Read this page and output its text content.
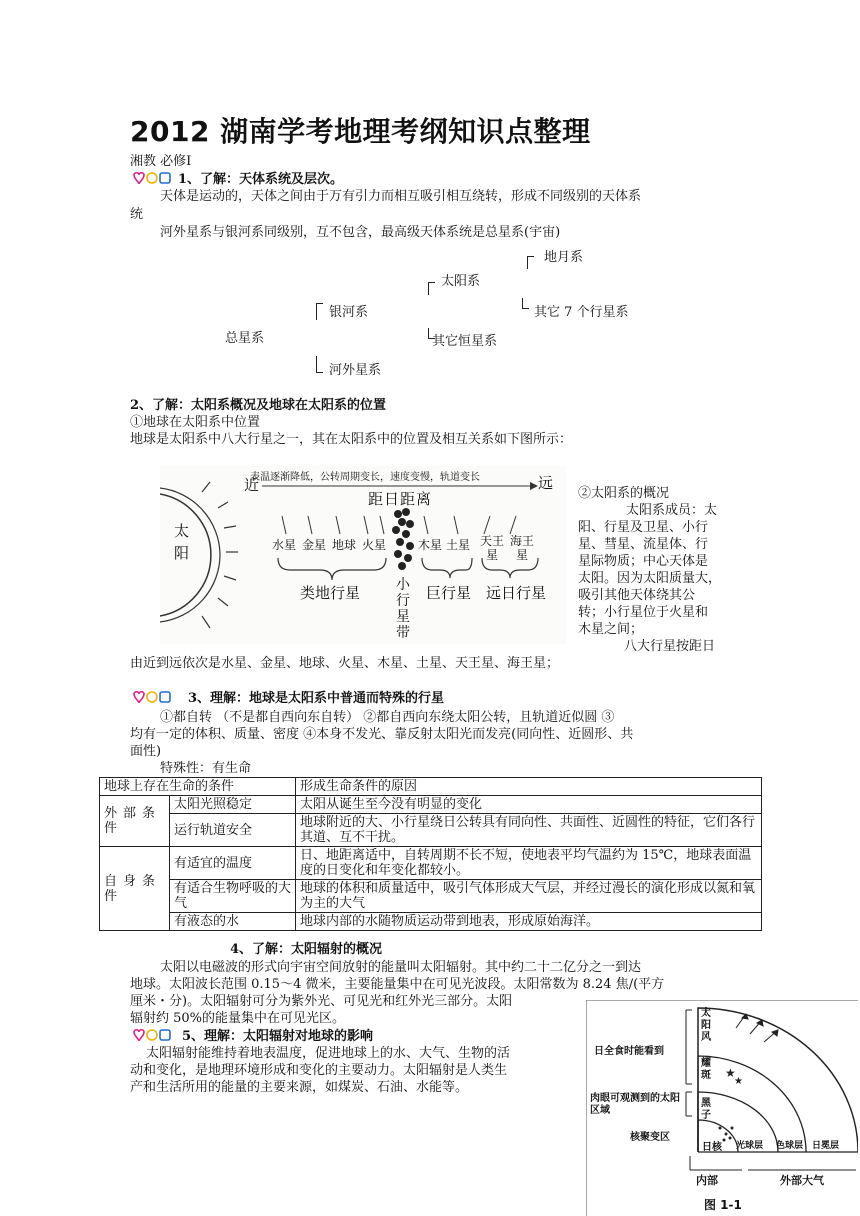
2012 湖南学考地理考纲知识点整理
湘教 必修Ⅰ
1、了解：天体系统及层次。
天体是运动的，天体之间由于万有引力而相互吸引相互绕转，形成不同级别的天体系
统
河外星系与银河系同级别，互不包含，最高级天体系统是总星系(宇宙)
总星系
银河系
河外星系
太阳系
其它恒星系
地月系
其它 7 个行星系
2、了解：太阳系概况及地球在太阳系的位置
①地球在太阳系中位置
地球是太阳系中八大行星之一，其在太阳系中的位置及相互关系如下图所示：
表温逐渐降低，公转周期变长，速度变慢，轨道变长
近	远
距日距离
太
阳	水星 金星 地球 火星	木星 土星 天王 海王
星 星
类地行星	巨行星 远日行星
小
行
星
带
②太阳系的概况
太阳系成员：太
阳、行星及卫星、小行
星、彗星、流星体、行
星际物质；中心天体是
太阳。因为太阳质量大，
吸引其他天体绕其公
转；小行星位于火星和
木星之间；
八大行星按距日
由近到远依次是水星、金星、地球、火星、木星、土星、天王星、海王星；
3、理解：地球是太阳系中普通而特殊的行星
①都自转 （不是都自西向东自转） ②都自西向东绕太阳公转，且轨道近似圆 ③
均有一定的体积、质量、密度 ④本身不发光、靠反射太阳光而发亮(同向性、近圆形、共
面性)
特殊性：有生命
地球上存在生命的条件		形成生命条件的原因
外部条件	太阳光照稳定	太阳从诞生至今没有明显的变化
	运行轨道安全	地球附近的大、小行星绕日公转具有同向性、共面性、近圆性的特征，它们各行其道、互不干扰。
自身条件	有适宜的温度	日、地距离适中，自转周期不长不短，使地表平均气温约为 15℃，地球表面温度的日变化和年变化都较小。
	有适合生物呼吸的大气	地球的体积和质量适中，吸引气体形成大气层，并经过漫长的演化形成以氮和氧为主的大气
	有液态的水	地球内部的水随物质运动带到地表，形成原始海洋。
4、了解：太阳辐射的概况
太阳以电磁波的形式向宇宙空间放射的能量叫太阳辐射。其中约二十二亿分之一到达
地球。太阳波长范围 0.15～4 微米，主要能量集中在可见光波段。太阳常数为 8.24 焦/(平方
厘米・分)。太阳辐射可分为紫外光、可见光和红外光三部分。太阳
辐射约 50%的能量集中在可见光区。
5、理解：太阳辐射对地球的影响
太阳辐射能维持着地表温度，促进地球上的水、大气、生物的活
动和变化，是地理环境形成和变化的主要动力。太阳辐射是人类生
产和生活所用的能量的主要来源，如煤炭、石油、水能等。
★
★
日全食时能看到
肉眼可观测到的太阳区域
核聚变区
太
阳
风
耀
斑
黑
子
日核 光球层 色球层 日冕层
内部	外部大气
图 1-1
